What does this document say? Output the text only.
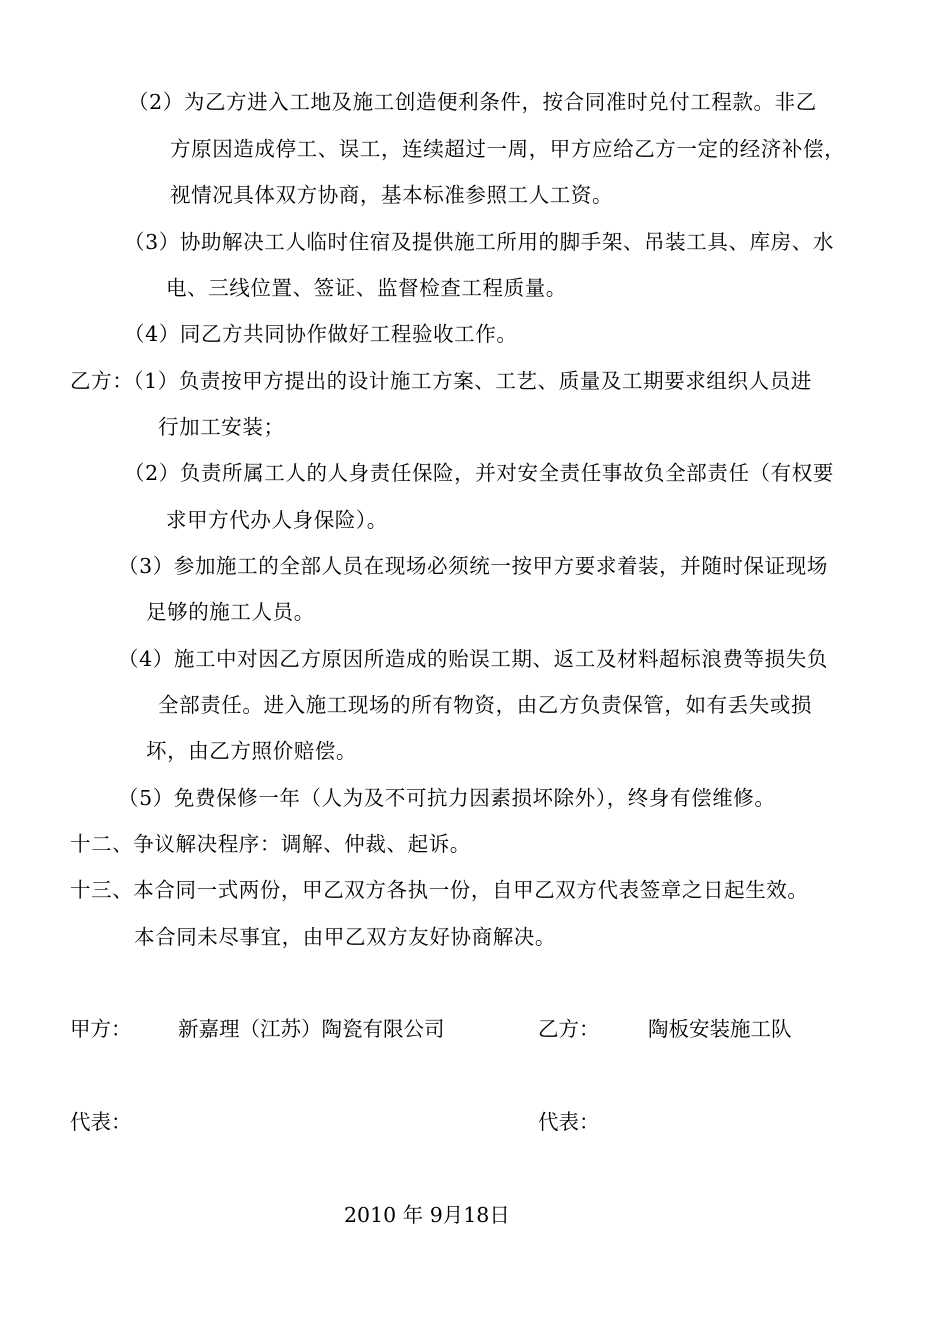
（2）为乙方进入工地及施工创造便利条件，按合同准时兑付工程款。非乙
方原因造成停工、误工，连续超过一周，甲方应给乙方一定的经济补偿，
视情况具体双方协商，基本标准参照工人工资。
（3）协助解决工人临时住宿及提供施工所用的脚手架、吊装工具、库房、水
电、三线位置、签证、监督检查工程质量。
（4）同乙方共同协作做好工程验收工作。
乙方：（1）负责按甲方提出的设计施工方案、工艺、质量及工期要求组织人员进
行加工安装；
（2）负责所属工人的人身责任保险，并对安全责任事故负全部责任（有权要
求甲方代办人身保险）。
（3）参加施工的全部人员在现场必须统一按甲方要求着装，并随时保证现场
足够的施工人员。
（4）施工中对因乙方原因所造成的贻误工期、返工及材料超标浪费等损失负
全部责任。进入施工现场的所有物资，由乙方负责保管，如有丢失或损
坏，由乙方照价赔偿。
（5）免费保修一年（人为及不可抗力因素损坏除外），终身有偿维修。
十二、争议解决程序：调解、仲裁、起诉。
十三、本合同一式两份，甲乙双方各执一份，自甲乙双方代表签章之日起生效。
本合同未尽事宜，由甲乙双方友好协商解决。
甲方： 新嘉理（江苏）陶瓷有限公司	乙方： 陶板安装施工队
代表：	代表：
2010 年 9月18日
